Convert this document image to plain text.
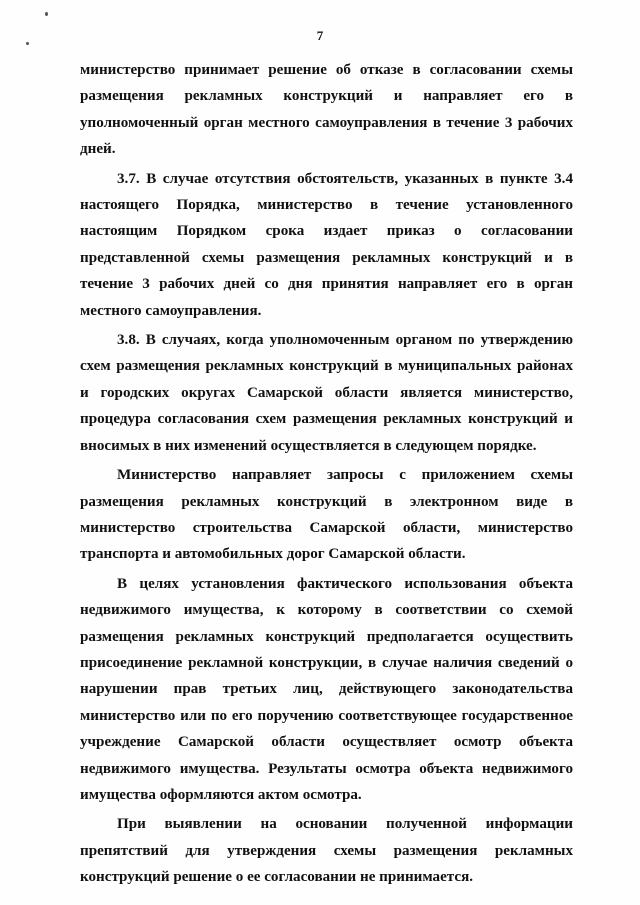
7

министерство принимает решение об отказе в согласовании схемы размещения рекламных конструкций и направляет его в уполномоченный орган местного самоуправления в течение 3 рабочих дней.

3.7. В случае отсутствия обстоятельств, указанных в пункте 3.4 настоящего Порядка, министерство в течение установленного настоящим Порядком срока издает приказ о согласовании представленной схемы размещения рекламных конструкций и в течение 3 рабочих дней со дня принятия направляет его в орган местного самоуправления.

3.8. В случаях, когда уполномоченным органом по утверждению схем размещения рекламных конструкций в муниципальных районах и городских округах Самарской области является министерство, процедура согласования схем размещения рекламных конструкций и вносимых в них изменений осуществляется в следующем порядке.

Министерство направляет запросы с приложением схемы размещения рекламных конструкций в электронном виде в министерство строительства Самарской области, министерство транспорта и автомобильных дорог Самарской области.

В целях установления фактического использования объекта недвижимого имущества, к которому в соответствии со схемой размещения рекламных конструкций предполагается осуществить присоединение рекламной конструкции, в случае наличия сведений о нарушении прав третьих лиц, действующего законодательства министерство или по его поручению соответствующее государственное учреждение Самарской области осуществляет осмотр объекта недвижимого имущества. Результаты осмотра объекта недвижимого имущества оформляются актом осмотра.

При выявлении на основании полученной информации препятствий для утверждения схемы размещения рекламных конструкций решение о ее согласовании не принимается.
